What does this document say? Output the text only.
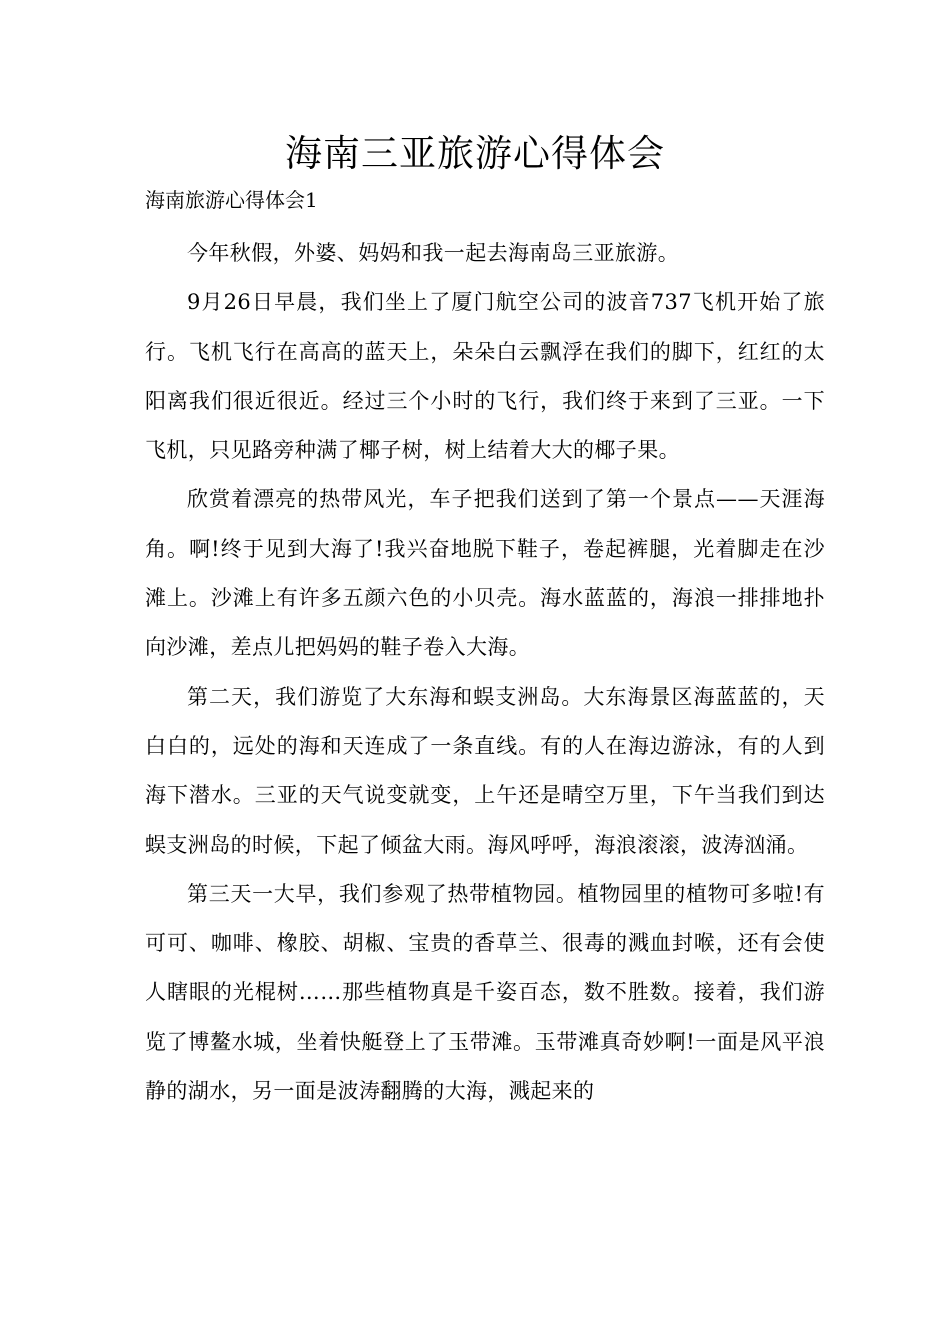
海南三亚旅游心得体会

海南旅游心得体会1

今年秋假，外婆、妈妈和我一起去海南岛三亚旅游。

9月26日早晨，我们坐上了厦门航空公司的波音737飞机开始了旅行。飞机飞行在高高的蓝天上，朵朵白云飘浮在我们的脚下，红红的太阳离我们很近很近。经过三个小时的飞行，我们终于来到了三亚。一下飞机，只见路旁种满了椰子树，树上结着大大的椰子果。

欣赏着漂亮的热带风光，车子把我们送到了第一个景点——天涯海角。啊!终于见到大海了!我兴奋地脱下鞋子，卷起裤腿，光着脚走在沙滩上。沙滩上有许多五颜六色的小贝壳。海水蓝蓝的，海浪一排排地扑向沙滩，差点儿把妈妈的鞋子卷入大海。

第二天，我们游览了大东海和蜈支洲岛。大东海景区海蓝蓝的，天白白的，远处的海和天连成了一条直线。有的人在海边游泳，有的人到海下潜水。三亚的天气说变就变，上午还是晴空万里，下午当我们到达蜈支洲岛的时候，下起了倾盆大雨。海风呼呼，海浪滚滚，波涛汹涌。

第三天一大早，我们参观了热带植物园。植物园里的植物可多啦!有可可、咖啡、橡胶、胡椒、宝贵的香草兰、很毒的溅血封喉，还有会使人瞎眼的光棍树……那些植物真是千姿百态，数不胜数。接着，我们游览了博鳌水城，坐着快艇登上了玉带滩。玉带滩真奇妙啊!一面是风平浪静的湖水，另一面是波涛翻腾的大海，溅起来的
